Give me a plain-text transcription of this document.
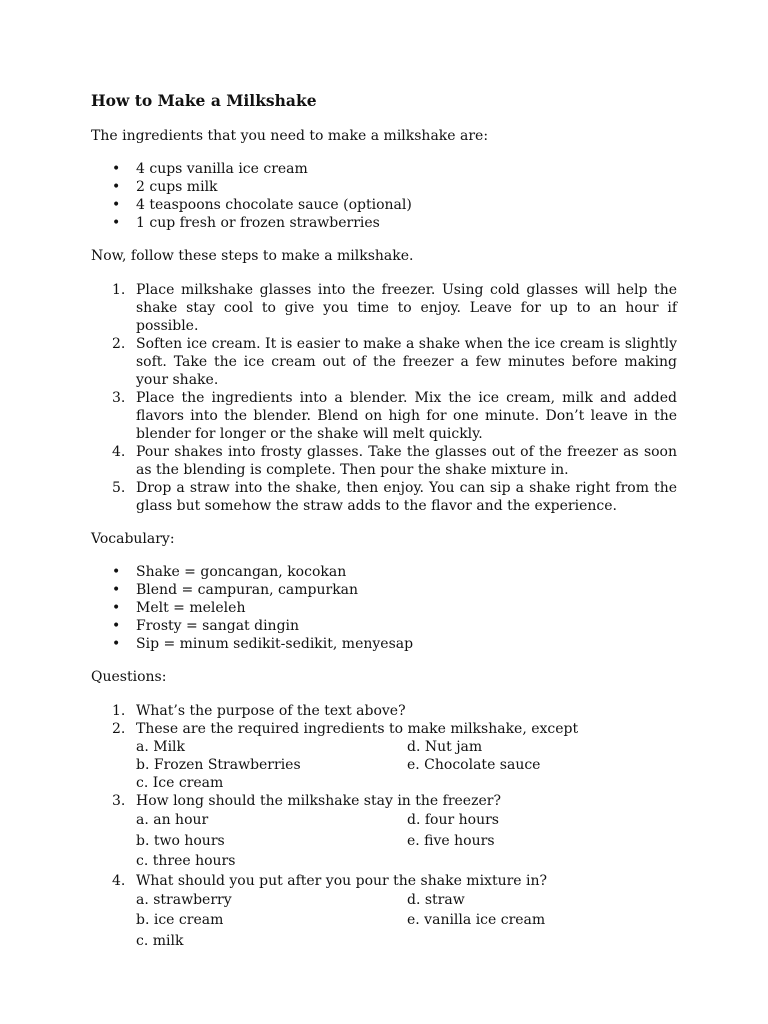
How to Make a Milkshake

The ingredients that you need to make a milkshake are:

• 4 cups vanilla ice cream
• 2 cups milk
• 4 teaspoons chocolate sauce (optional)
• 1 cup fresh or frozen strawberries

Now, follow these steps to make a milkshake.

1. Place milkshake glasses into the freezer. Using cold glasses will help the shake stay cool to give you time to enjoy. Leave for up to an hour if possible.
2. Soften ice cream. It is easier to make a shake when the ice cream is slightly soft. Take the ice cream out of the freezer a few minutes before making your shake.
3. Place the ingredients into a blender. Mix the ice cream, milk and added flavors into the blender. Blend on high for one minute. Don’t leave in the blender for longer or the shake will melt quickly.
4. Pour shakes into frosty glasses. Take the glasses out of the freezer as soon as the blending is complete. Then pour the shake mixture in.
5. Drop a straw into the shake, then enjoy. You can sip a shake right from the glass but somehow the straw adds to the flavor and the experience.

Vocabulary:

• Shake = goncangan, kocokan
• Blend = campuran, campurkan
• Melt = meleleh
• Frosty = sangat dingin
• Sip = minum sedikit-sedikit, menyesap

Questions:

1. What’s the purpose of the text above?
2. These are the required ingredients to make milkshake, except
a. Milk	d. Nut jam
b. Frozen Strawberries	e. Chocolate sauce
c. Ice cream
3. How long should the milkshake stay in the freezer?
a. an hour	d. four hours
b. two hours	e. five hours
c. three hours
4. What should you put after you pour the shake mixture in?
a. strawberry	d. straw
b. ice cream	e. vanilla ice cream
c. milk
